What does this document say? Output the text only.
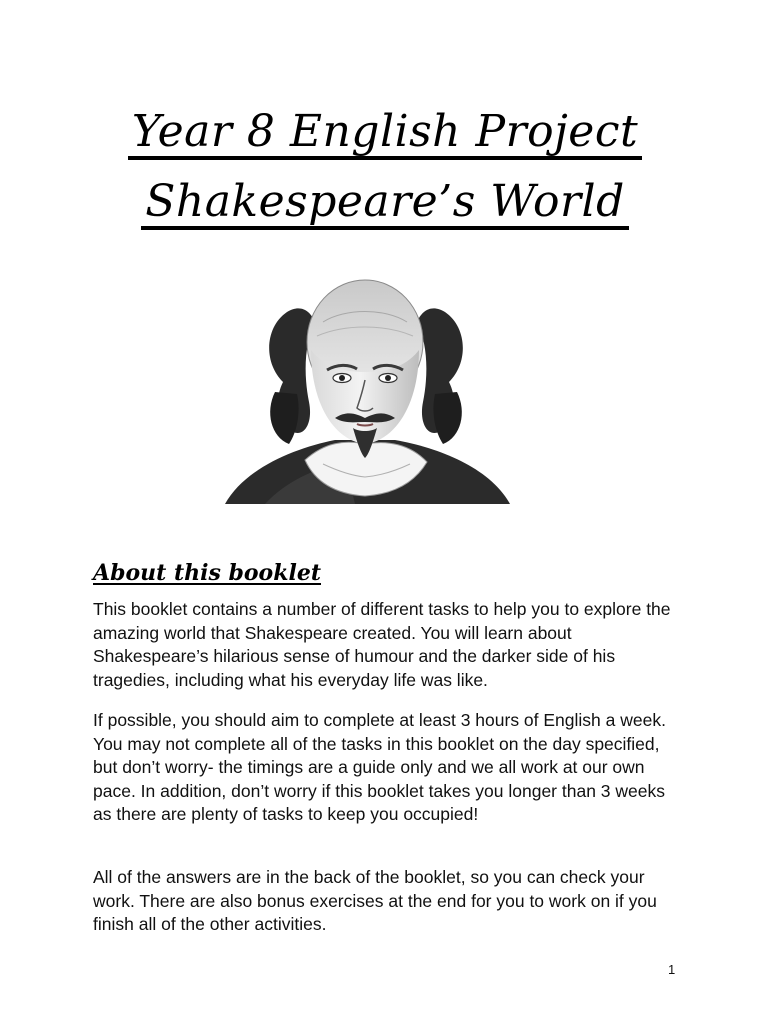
Year 8 English Project
Shakespeare’s World
About this booklet

This booklet contains a number of different tasks to help you to explore the amazing world that Shakespeare created. You will learn about Shakespeare’s hilarious sense of humour and the darker side of his tragedies, including what his everyday life was like.

If possible, you should aim to complete at least 3 hours of English a week. You may not complete all of the tasks in this booklet on the day specified, but don’t worry- the timings are a guide only and we all work at our own pace. In addition, don’t worry if this booklet takes you longer than 3 weeks as there are plenty of tasks to keep you occupied!

All of the answers are in the back of the booklet, so you can check your work. There are also bonus exercises at the end for you to work on if you finish all of the other activities.

1
